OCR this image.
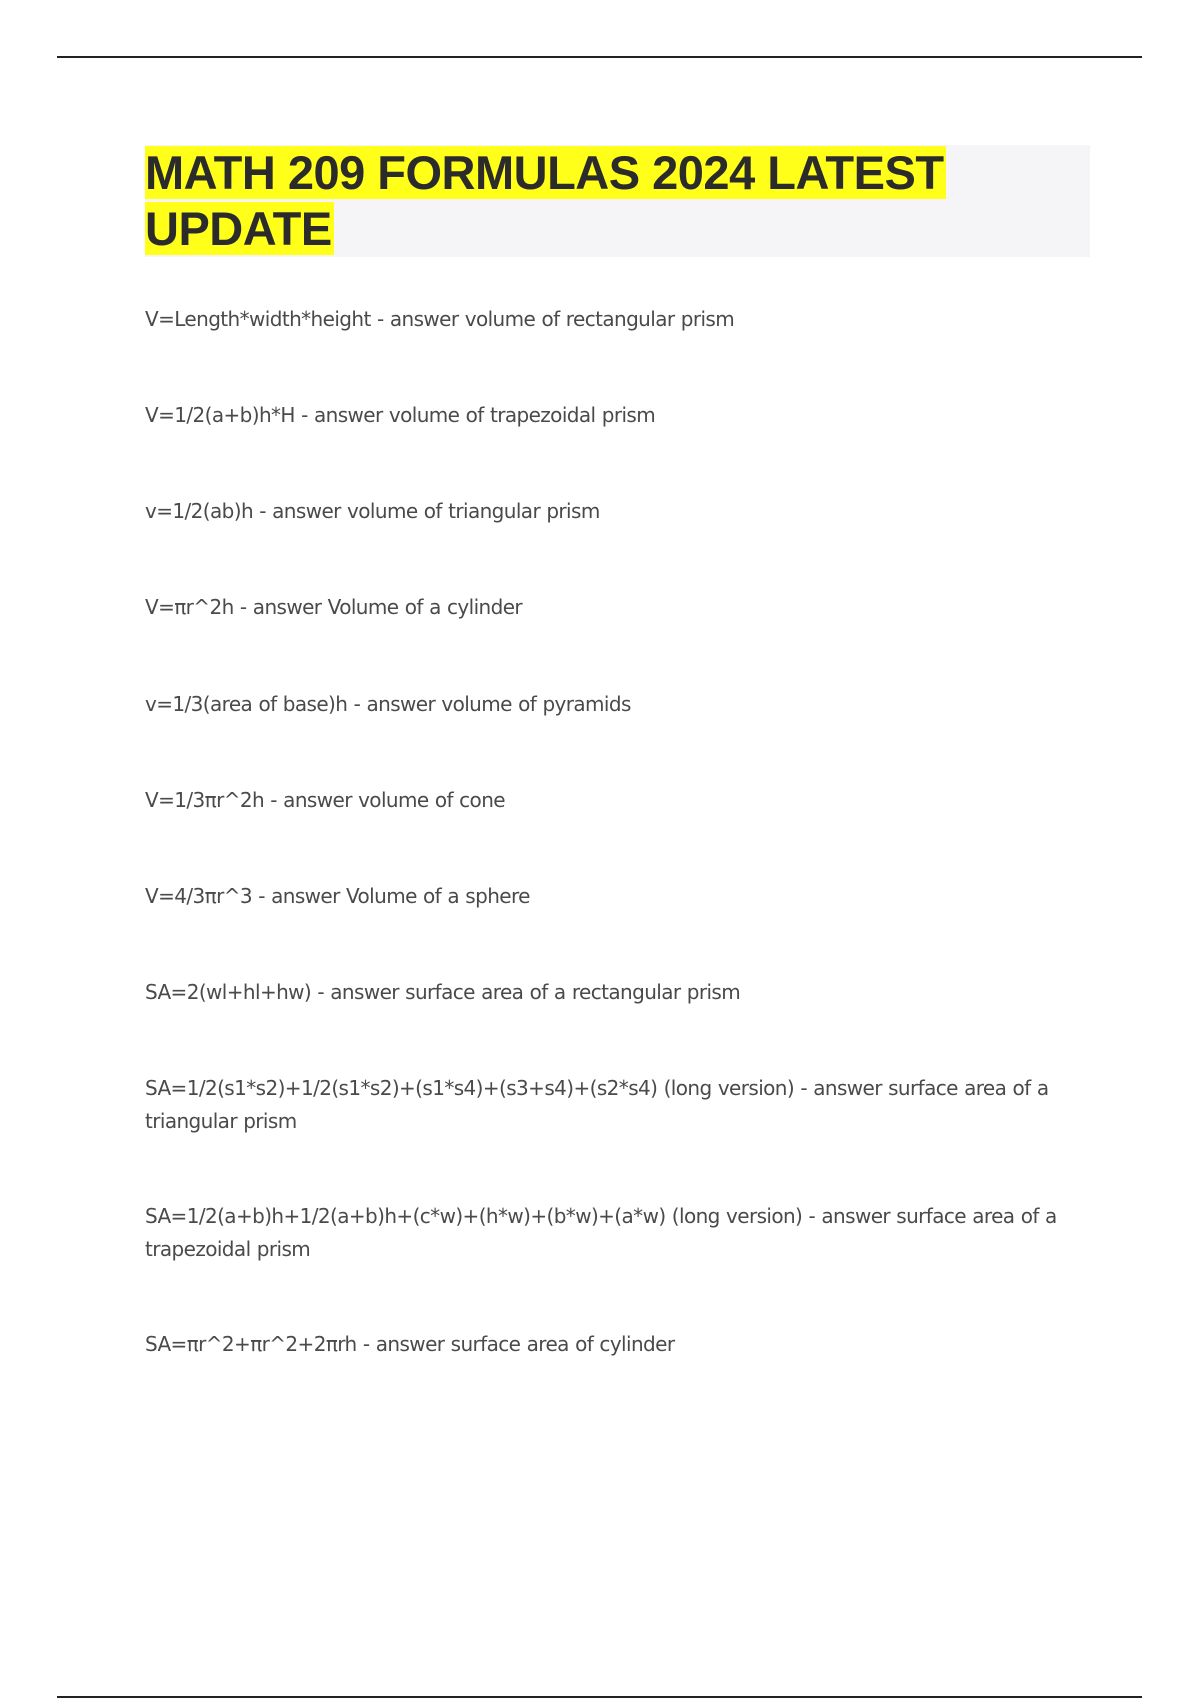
MATH 209 FORMULAS 2024 LATEST UPDATE
V=Length*width*height - answer volume of rectangular prism
V=1/2(a+b)h*H - answer volume of trapezoidal prism
v=1/2(ab)h - answer volume of triangular prism
V=πr^2h - answer Volume of a cylinder
v=1/3(area of base)h - answer volume of pyramids
V=1/3πr^2h - answer volume of cone
V=4/3πr^3 - answer Volume of a sphere
SA=2(wl+hl+hw) - answer surface area of a rectangular prism
SA=1/2(s1*s2)+1/2(s1*s2)+(s1*s4)+(s3+s4)+(s2*s4) (long version) - answer surface area of a triangular prism
SA=1/2(a+b)h+1/2(a+b)h+(c*w)+(h*w)+(b*w)+(a*w) (long version) - answer surface area of a trapezoidal prism
SA=πr^2+πr^2+2πrh - answer surface area of cylinder
